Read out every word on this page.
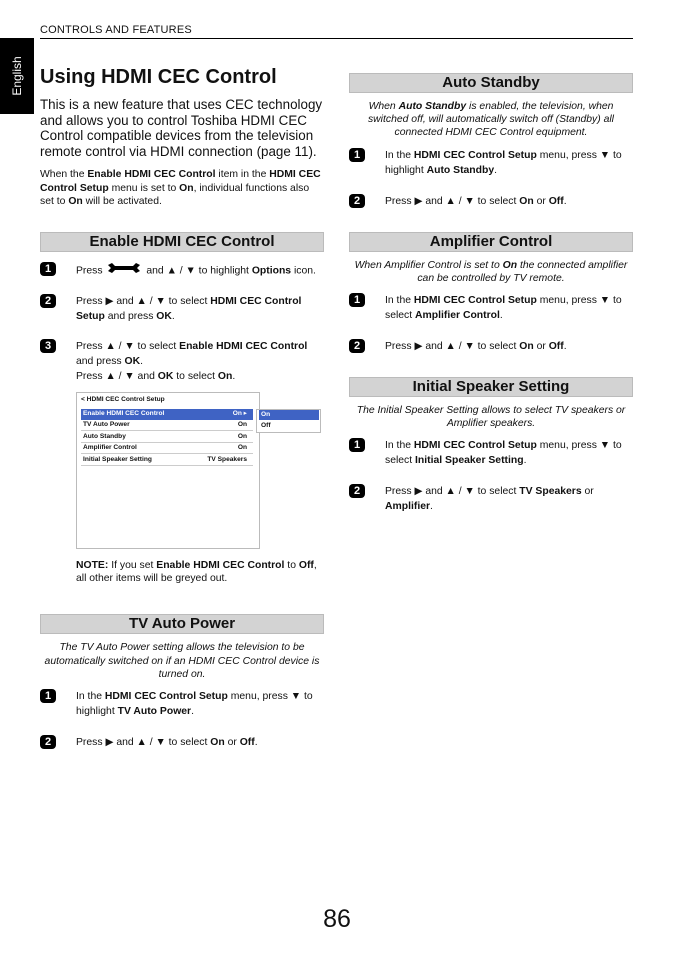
CONTROLS AND FEATURES
English Using HDMI CEC Control

This is a new feature that uses CEC technology and allows you to control Toshiba HDMI CEC Control compatible devices from the television remote control via HDMI connection (page 11).

When the Enable HDMI CEC Control item in the HDMI CEC Control Setup menu is set to On, individual functions also set to On will be activated.

Enable HDMI CEC Control
1	Press	and ▲ / ▼ to highlight Options icon.
2	Press ▶ and ▲ / ▼ to select HDMI CEC Control Setup and press OK.
3	Press ▲ / ▼ to select Enable HDMI CEC Control and press OK.
Press ▲ / ▼ and OK to select On.
< HDMI CEC Control Setup
Enable HDMI CEC Control	On ▸
TV Auto Power	On
Auto Standby	On
Amplifier Control	On
Initial Speaker Setting	TV Speakers
On
Off

NOTE: If you set Enable HDMI CEC Control to Off, all other items will be greyed out.

TV Auto Power

The TV Auto Power setting allows the television to be automatically switched on if an HDMI CEC Control device is turned on.

1	In the HDMI CEC Control Setup menu, press ▼ to highlight TV Auto Power.
2	Press ▶ and ▲ / ▼ to select On or Off.
Auto Standby

When Auto Standby is enabled, the television, when switched off, will automatically switch off (Standby) all connected HDMI CEC Control equipment.

1	In the HDMI CEC Control Setup menu, press ▼ to highlight Auto Standby.
2	Press ▶ and ▲ / ▼ to select On or Off.
Amplifier Control

When Amplifier Control is set to On the connected amplifier can be controlled by TV remote.

1	In the HDMI CEC Control Setup menu, press ▼ to select Amplifier Control.
2	Press ▶ and ▲ / ▼ to select On or Off.
Initial Speaker Setting

The Initial Speaker Setting allows to select TV speakers or Amplifier speakers.

1	In the HDMI CEC Control Setup menu, press ▼ to select Initial Speaker Setting.
2	Press ▶ and ▲ / ▼ to select TV Speakers or Amplifier.
86
